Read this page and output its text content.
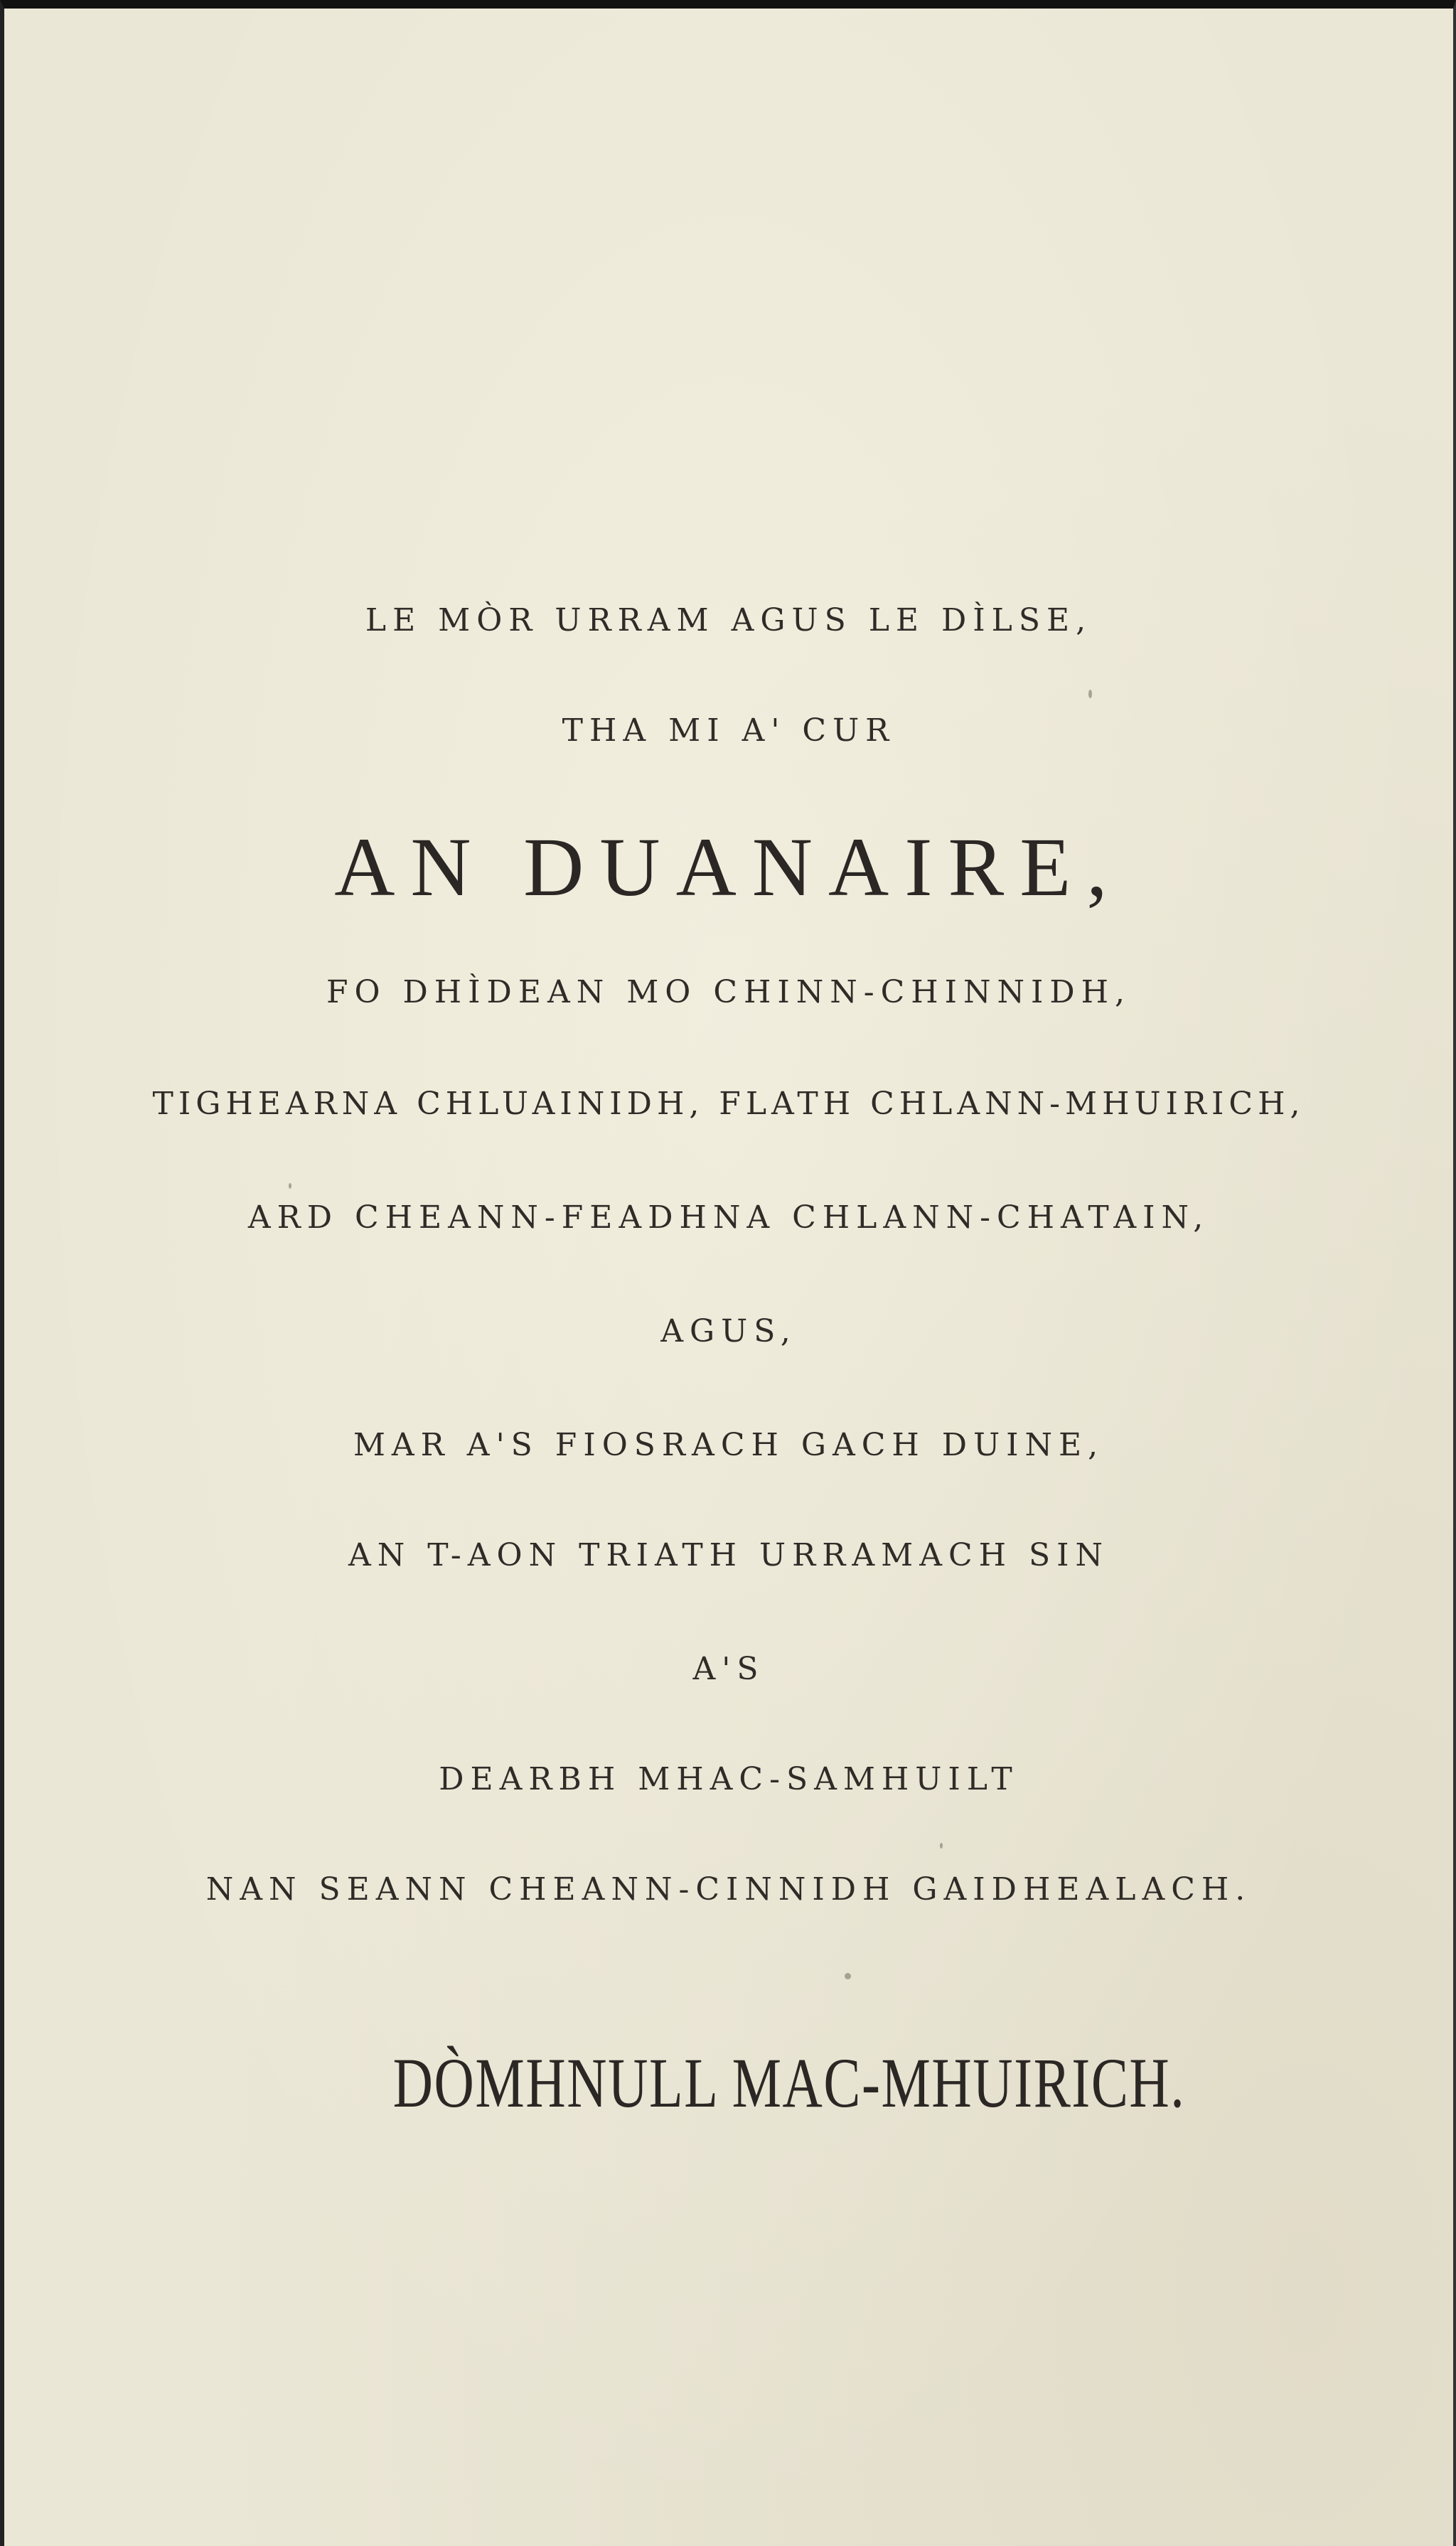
LE MÒR URRAM AGUS LE DÌLSE,
THA MI A' CUR
AN DUANAIRE,
FO DHÌDEAN MO CHINN-CHINNIDH,
TIGHEARNA CHLUAINIDH, FLATH CHLANN-MHUIRICH,
ARD CHEANN-FEADHNA CHLANN-CHATAIN,
AGUS,
MAR A'S FIOSRACH GACH DUINE,
AN T-AON TRIATH URRAMACH SIN
A'S
DEARBH MHAC-SAMHUILT
NAN SEANN CHEANN-CINNIDH GAIDHEALACH.
DÒMHNULL MAC-MHUIRICH.
